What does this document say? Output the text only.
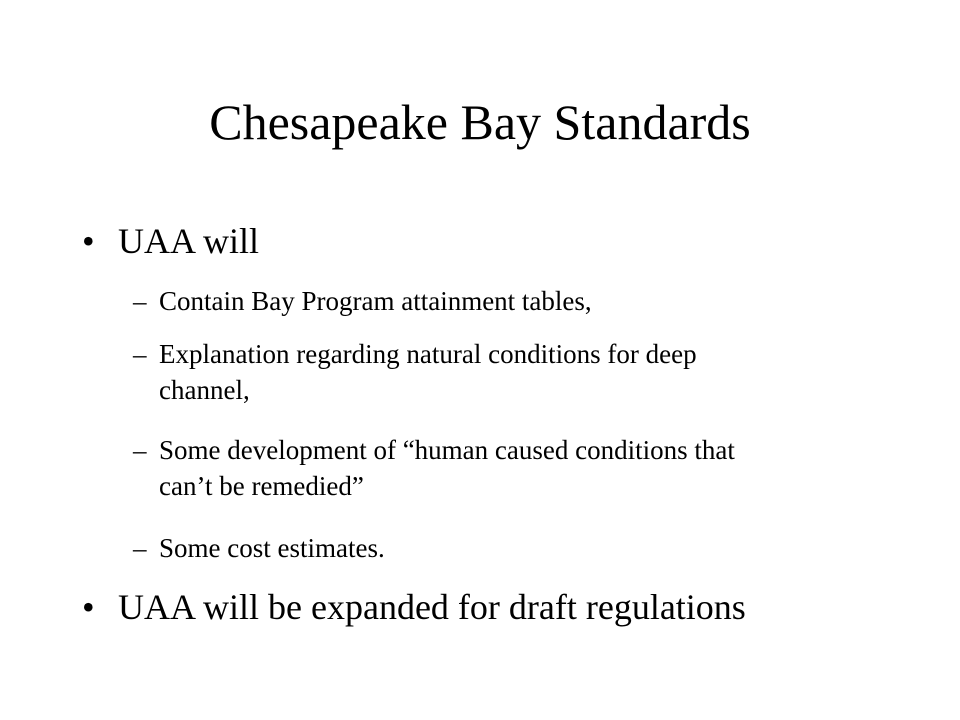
Chesapeake Bay Standards
• UAA will
– Contain Bay Program attainment tables,
– Explanation regarding natural conditions for deep channel,
– Some development of “human caused conditions that can’t be remedied”
– Some cost estimates.
• UAA will be expanded for draft regulations
